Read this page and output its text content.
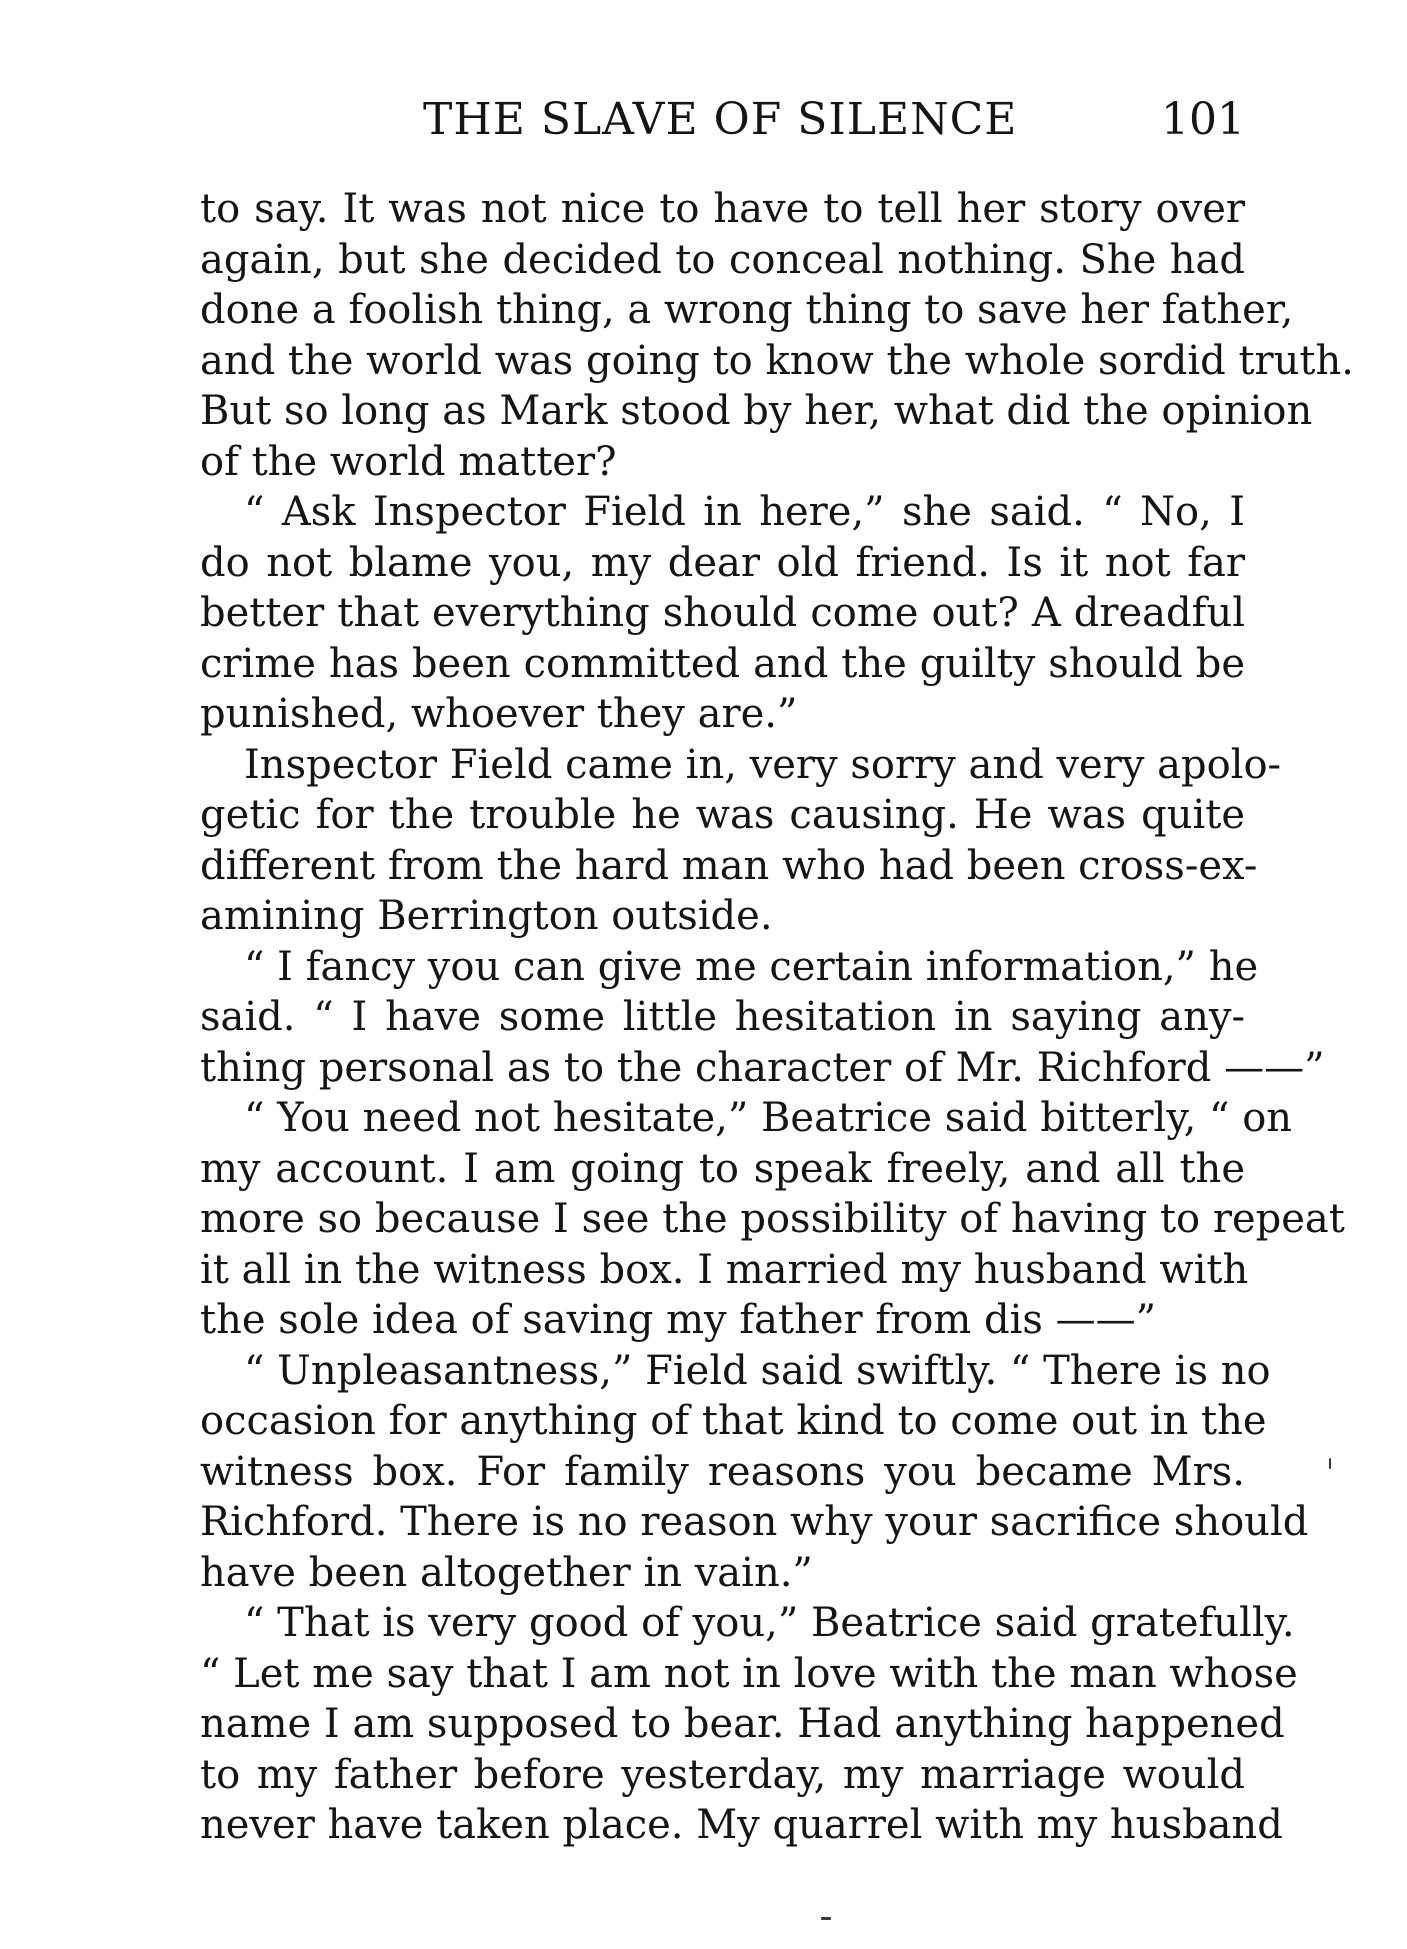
THE SLAVE OF SILENCE	101
to say. It was not nice to have to tell her story over
again, but she decided to conceal nothing. She had
done a foolish thing, a wrong thing to save her father,
and the world was going to know the whole sordid truth.
But so long as Mark stood by her, what did the opinion
of the world matter?
“ Ask Inspector Field in here,” she said. “ No, I
do not blame you, my dear old friend. Is it not far
better that everything should come out? A dreadful
crime has been committed and the guilty should be
punished, whoever they are.”
Inspector Field came in, very sorry and very apolo-
getic for the trouble he was causing. He was quite
different from the hard man who had been cross-ex-
amining Berrington outside.
“ I fancy you can give me certain information,” he
said. “ I have some little hesitation in saying any-
thing personal as to the character of Mr. Richford ——”
“ You need not hesitate,” Beatrice said bitterly, “ on
my account. I am going to speak freely, and all the
more so because I see the possibility of having to repeat
it all in the witness box. I married my husband with
the sole idea of saving my father from dis ——”
“ Unpleasantness,” Field said swiftly. “ There is no
occasion for anything of that kind to come out in the
witness box. For family reasons you became Mrs.
Richford. There is no reason why your sacrifice should
have been altogether in vain.”
“ That is very good of you,” Beatrice said gratefully.
“ Let me say that I am not in love with the man whose
name I am supposed to bear. Had anything happened
to my father before yesterday, my marriage would
never have taken place. My quarrel with my husband
